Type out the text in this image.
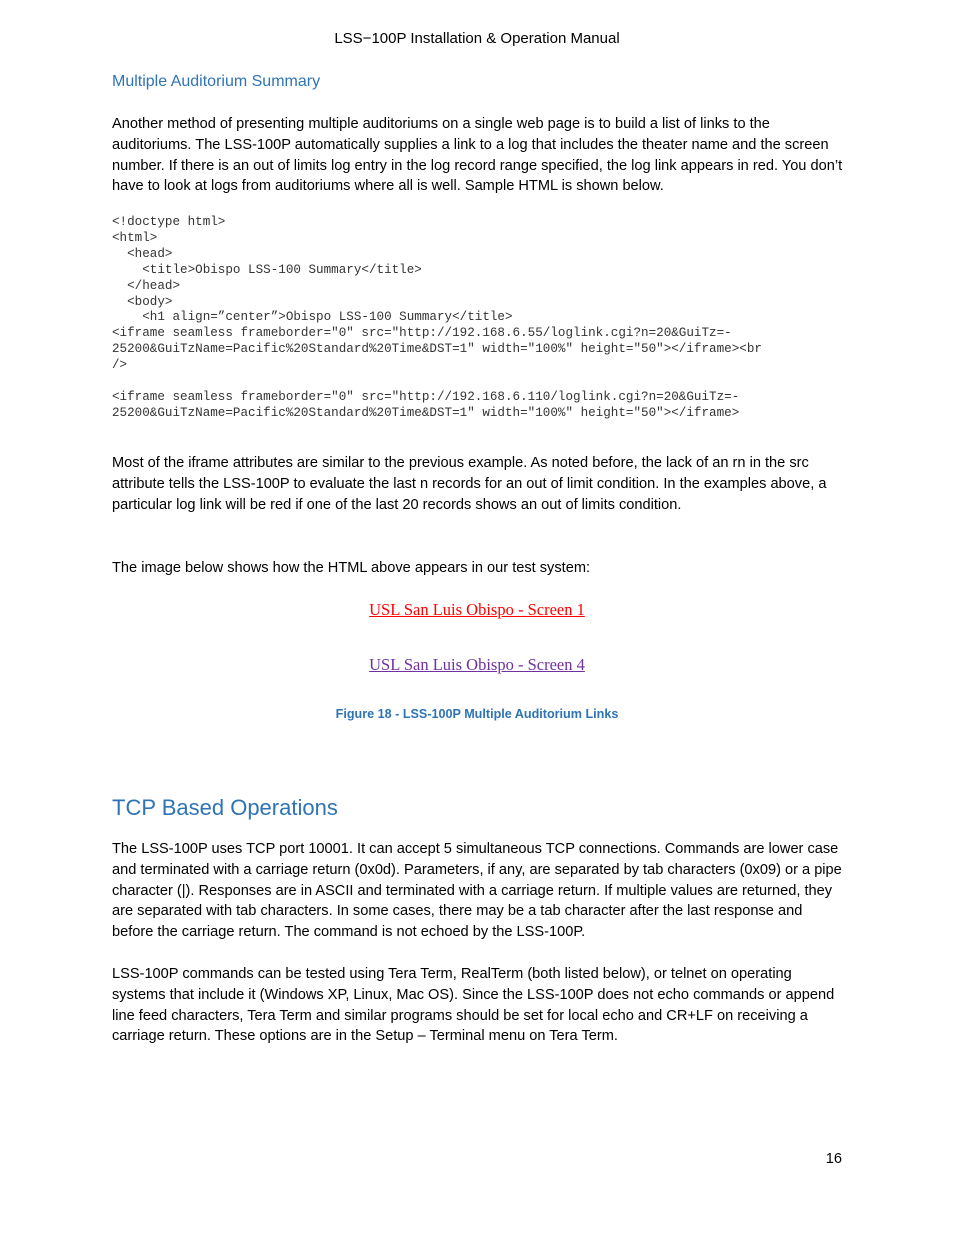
LSS−100P Installation & Operation Manual
Multiple Auditorium Summary
Another method of presenting multiple auditoriums on a single web page is to build a list of links to the auditoriums. The LSS-100P automatically supplies a link to a log that includes the theater name and the screen number. If there is an out of limits log entry in the log record range specified, the log link appears in red. You don’t have to look at logs from auditoriums where all is well. Sample HTML is shown below.
<!doctype html>
<html>
<head>
<title>Obispo LSS-100 Summary</title>
</head>
<body>
<h1 align=”center”>Obispo LSS-100 Summary</title>
<iframe seamless frameborder="0" src="http://192.168.6.55/loglink.cgi?n=20&GuiTz=-
25200&GuiTzName=Pacific%20Standard%20Time&DST=1" width="100%" height="50"></iframe><br
/>
<iframe seamless frameborder="0" src="http://192.168.6.110/loglink.cgi?n=20&GuiTz=-
25200&GuiTzName=Pacific%20Standard%20Time&DST=1" width="100%" height="50"></iframe>
Most of the iframe attributes are similar to the previous example. As noted before, the lack of an rn in the src attribute tells the LSS-100P to evaluate the last n records for an out of limit condition. In the examples above, a particular log link will be red if one of the last 20 records shows an out of limits condition.
The image below shows how the HTML above appears in our test system:
USL San Luis Obispo - Screen 1
USL San Luis Obispo - Screen 4
Figure 18 - LSS-100P Multiple Auditorium Links
TCP Based Operations
The LSS-100P uses TCP port 10001. It can accept 5 simultaneous TCP connections. Commands are lower case and terminated with a carriage return (0x0d). Parameters, if any, are separated by tab characters (0x09) or a pipe character (|). Responses are in ASCII and terminated with a carriage return. If multiple values are returned, they are separated with tab characters. In some cases, there may be a tab character after the last response and before the carriage return. The command is not echoed by the LSS-100P.
LSS-100P commands can be tested using Tera Term, RealTerm (both listed below), or telnet on operating systems that include it (Windows XP, Linux, Mac OS). Since the LSS-100P does not echo commands or append line feed characters, Tera Term and similar programs should be set for local echo and CR+LF on receiving a carriage return. These options are in the Setup – Terminal menu on Tera Term.
16
